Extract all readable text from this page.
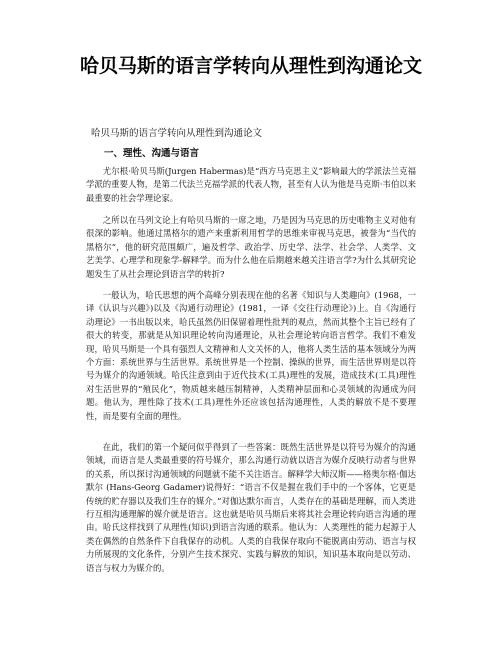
哈贝马斯的语言学转向从理性到沟通论文
哈贝马斯的语言学转向从理性到沟通论文
一、理性、沟通与语言

尤尔根·哈贝马斯(Jurgen Habermas)是“西方马克思主义”影响最大的学派法兰克福学派的重要人物，是第二代法兰克福学派的代表人物，甚至有人认为他是马克斯·韦伯以来最重要的社会学理论家。

之所以在马列文论上有哈贝马斯的一席之地，乃是因为马克思的历史唯物主义对他有很深的影响。他通过黑格尔的遗产来重新利用哲学的思维来审视马克思，被誉为“当代的黑格尔”，他的研究范围颇广，遍及哲学、政治学、历史学、法学、社会学、人类学、文艺美学、心理学和现象学-解释学。而为什么他在后期越来越关注语言学?为什么其研究论题发生了从社会理论到语言学的转折?

一般认为，哈氏思想的两个高峰分别表现在他的名著《知识与人类趣向》(1968，一译《认识与兴趣》)以及《沟通行动理论》(1981，一译《交往行动理论》)上。自《沟通行动理论》一书出版以来，哈氏虽然仍旧保留着理性批判的观点，然而其整个主旨已经有了很大的转变，那就是从知识理论转向沟通理论，从社会理论转向语言哲学。我们不难发现，哈贝马斯是一个具有强烈人文精神和人文关怀的人，他将人类生活的基本领域分为两个方面：系统世界与生活世界。系统世界是一个控制、操纵的世界，而生活世界则是以符号为媒介的沟通领域。哈氏注意到由于近代技术(工具)理性的发展，造成技术(工具)理性对生活世界的“殖民化”，物质越来越压制精神，人类精神层面和心灵领域的沟通成为问题。他认为，理性除了技术(工具)理性外还应该包括沟通理性，人类的解放不是不要理性，而是要有全面的理性。

在此，我们的第一个疑问似乎得到了一些答案：既然生活世界是以符号为媒介的沟通领域，而语言是人类最重要的符号媒介，那么沟通行动就以语言为媒介反映行动者与世界的关系，所以探讨沟通领域的问题就不能不关注语言。解释学大师汉斯——格奥尔格·伽达默尔 (Hans-Georg Gadamer)说得好：“语言不仅是握在我们手中的一个客体，它更是传统的贮存器以及我们生存的媒介。”对伽达默尔而言，人类存在的基础是理解，而人类进行互相沟通理解的媒介就是语言。这也就是哈贝马斯后来将其社会理论转向语言沟通的理由。哈氏这样找到了从理性(知识)到语言沟通的联系。他认为：人类理性的能力起源于人类在偶然的自然条件下自我保存的动机。人类的自我保存取向不能脱离由劳动、语言与权力所展现的文化条件，分别产生技术探究、实践与解放的知识，知识基本取向是以劳动、语言与权力为媒介的。
